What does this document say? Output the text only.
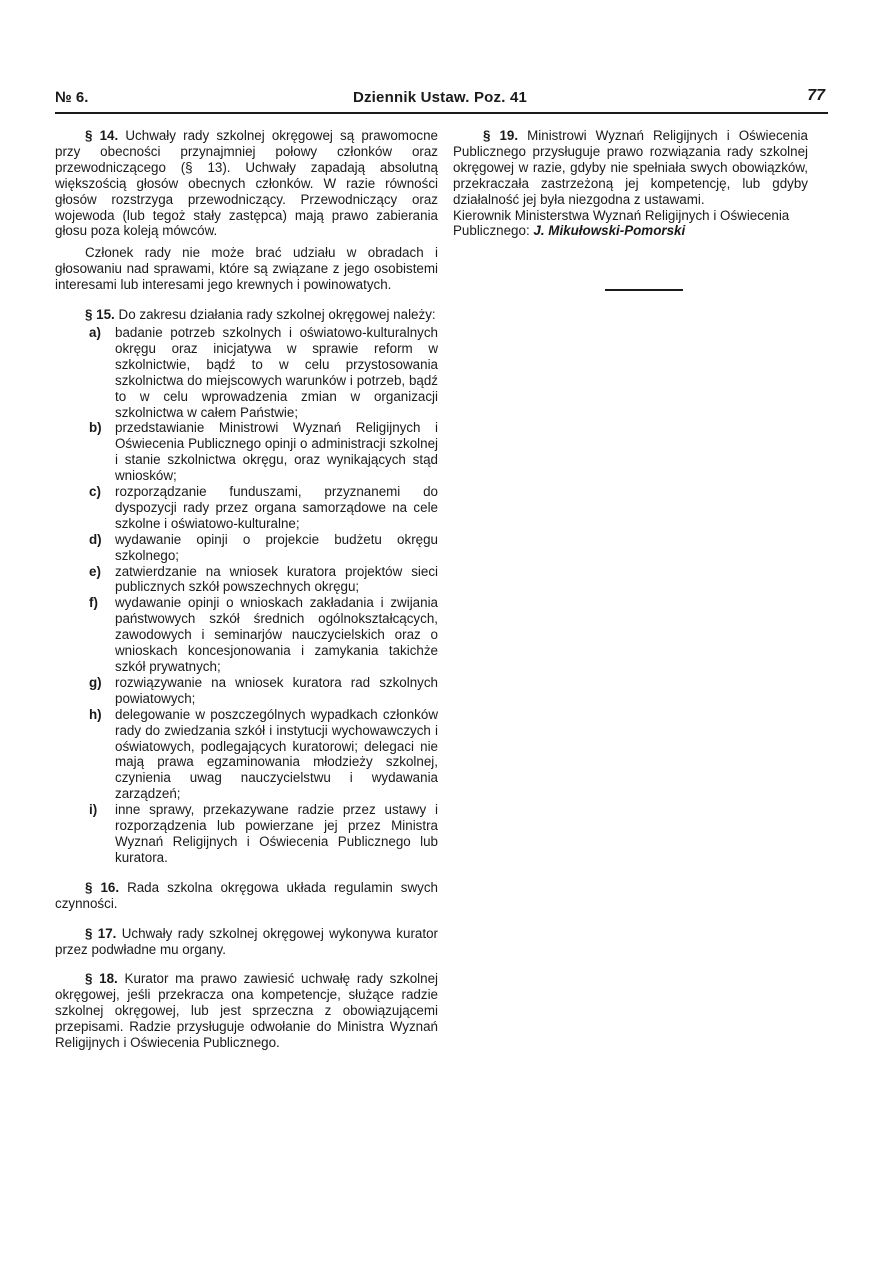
№ 6.	Dziennik Ustaw. Poz. 41	77

§ 14. Uchwały rady szkolnej okręgowej są prawomocne przy obecności przynajmniej połowy członków oraz przewodniczącego (§ 13). Uchwały zapadają absolutną większością głosów obecnych członków. W razie równości głosów rozstrzyga przewodniczący. Przewodniczący oraz wojewoda (lub tegoż stały zastępca) mają prawo zabierania głosu poza koleją mówców.

Członek rady nie może brać udziału w obradach i głosowaniu nad sprawami, które są związane z jego osobistemi interesami lub interesami jego krewnych i powinowatych.

§ 15. Do zakresu działania rady szkolnej okręgowej należy:

a) badanie potrzeb szkolnych i oświatowo-kulturalnych okręgu oraz inicjatywa w sprawie reform w szkolnictwie, bądź to w celu przystosowania szkolnictwa do miejscowych warunków i potrzeb, bądź to w celu wprowadzenia zmian w organizacji szkolnictwa w całem Państwie;
b) przedstawianie Ministrowi Wyznań Religijnych i Oświecenia Publicznego opinji o administracji szkolnej i stanie szkolnictwa okręgu, oraz wynikających stąd wniosków;
c) rozporządzanie funduszami, przyznanemi do dyspozycji rady przez organa samorządowe na cele szkolne i oświatowo-kulturalne;
d) wydawanie opinji o projekcie budżetu okręgu szkolnego;
e) zatwierdzanie na wniosek kuratora projektów sieci publicznych szkół powszechnych okręgu;
f) wydawanie opinji o wnioskach zakładania i zwijania państwowych szkół średnich ogólnokształcących, zawodowych i seminarjów nauczycielskich oraz o wnioskach koncesjonowania i zamykania takichże szkół prywatnych;
g) rozwiązywanie na wniosek kuratora rad szkolnych powiatowych;
h) delegowanie w poszczególnych wypadkach członków rady do zwiedzania szkół i instytucji wychowawczych i oświatowych, podlegających kuratorowi; delegaci nie mają prawa egzaminowania młodzieży szkolnej, czynienia uwag nauczycielstwu i wydawania zarządzeń;
i) inne sprawy, przekazywane radzie przez ustawy i rozporządzenia lub powierzane jej przez Ministra Wyznań Religijnych i Oświecenia Publicznego lub kuratora.

§ 16. Rada szkolna okręgowa układa regulamin swych czynności.

§ 17. Uchwały rady szkolnej okręgowej wykonywa kurator przez podwładne mu organy.

§ 18. Kurator ma prawo zawiesić uchwałę rady szkolnej okręgowej, jeśli przekracza ona kompetencje, służące radzie szkolnej okręgowej, lub jest sprzeczna z obowiązującemi przepisami. Radzie przysługuje odwołanie do Ministra Wyznań Religijnych i Oświecenia Publicznego.

§ 19. Ministrowi Wyznań Religijnych i Oświecenia Publicznego przysługuje prawo rozwiązania rady szkolnej okręgowej w razie, gdyby nie spełniała swych obowiązków, przekraczała zastrzeżoną jej kompetencję, lub gdyby działalność jej była niezgodna z ustawami.

Kierownik Ministerstwa Wyznań Religijnych i Oświecenia Publicznego: J. Mikułowski-Pomorski
